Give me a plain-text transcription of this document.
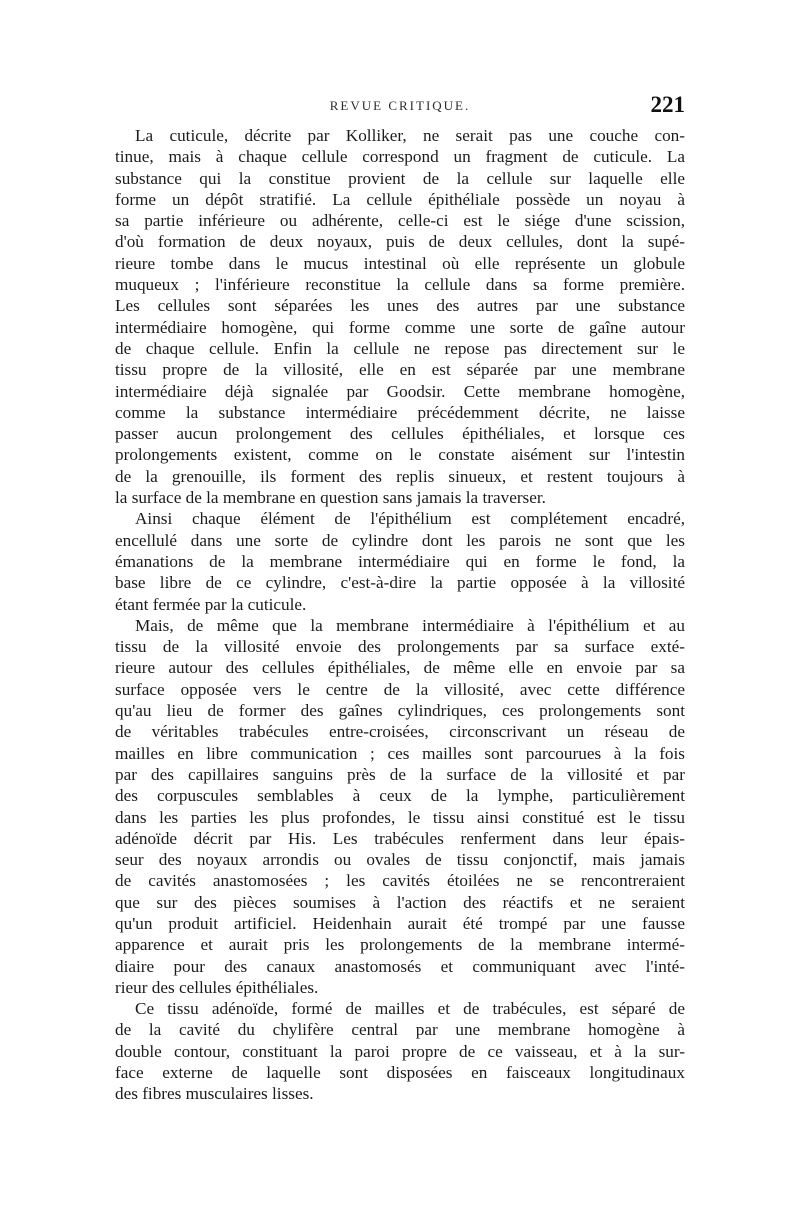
REVUE CRITIQUE.	221
La cuticule, décrite par Kolliker, ne serait pas une couche con-
tinue, mais à chaque cellule correspond un fragment de cuticule. La
substance qui la constitue provient de la cellule sur laquelle elle
forme un dépôt stratifié. La cellule épithéliale possède un noyau à
sa partie inférieure ou adhérente, celle-ci est le siége d'une scission,
d'où formation de deux noyaux, puis de deux cellules, dont la supé-
rieure tombe dans le mucus intestinal où elle représente un globule
muqueux ; l'inférieure reconstitue la cellule dans sa forme première.
Les cellules sont séparées les unes des autres par une substance
intermédiaire homogène, qui forme comme une sorte de gaîne autour
de chaque cellule. Enfin la cellule ne repose pas directement sur le
tissu propre de la villosité, elle en est séparée par une membrane
intermédiaire déjà signalée par Goodsir. Cette membrane homogène,
comme la substance intermédiaire précédemment décrite, ne laisse
passer aucun prolongement des cellules épithéliales, et lorsque ces
prolongements existent, comme on le constate aisément sur l'intestin
de la grenouille, ils forment des replis sinueux, et restent toujours à
la surface de la membrane en question sans jamais la traverser.
Ainsi chaque élément de l'épithélium est complétement encadré,
encellulé dans une sorte de cylindre dont les parois ne sont que les
émanations de la membrane intermédiaire qui en forme le fond, la
base libre de ce cylindre, c'est-à-dire la partie opposée à la villosité
étant fermée par la cuticule.
Mais, de même que la membrane intermédiaire à l'épithélium et au
tissu de la villosité envoie des prolongements par sa surface exté-
rieure autour des cellules épithéliales, de même elle en envoie par sa
surface opposée vers le centre de la villosité, avec cette différence
qu'au lieu de former des gaînes cylindriques, ces prolongements sont
de véritables trabécules entre-croisées, circonscrivant un réseau de
mailles en libre communication ; ces mailles sont parcourues à la fois
par des capillaires sanguins près de la surface de la villosité et par
des corpuscules semblables à ceux de la lymphe, particulièrement
dans les parties les plus profondes, le tissu ainsi constitué est le tissu
adénoïde décrit par His. Les trabécules renferment dans leur épais-
seur des noyaux arrondis ou ovales de tissu conjonctif, mais jamais
de cavités anastomosées ; les cavités étoilées ne se rencontreraient
que sur des pièces soumises à l'action des réactifs et ne seraient
qu'un produit artificiel. Heidenhain aurait été trompé par une fausse
apparence et aurait pris les prolongements de la membrane intermé-
diaire pour des canaux anastomosés et communiquant avec l'inté-
rieur des cellules épithéliales.
Ce tissu adénoïde, formé de mailles et de trabécules, est séparé de
de la cavité du chylifère central par une membrane homogène à
double contour, constituant la paroi propre de ce vaisseau, et à la sur-
face externe de laquelle sont disposées en faisceaux longitudinaux
des fibres musculaires lisses.
